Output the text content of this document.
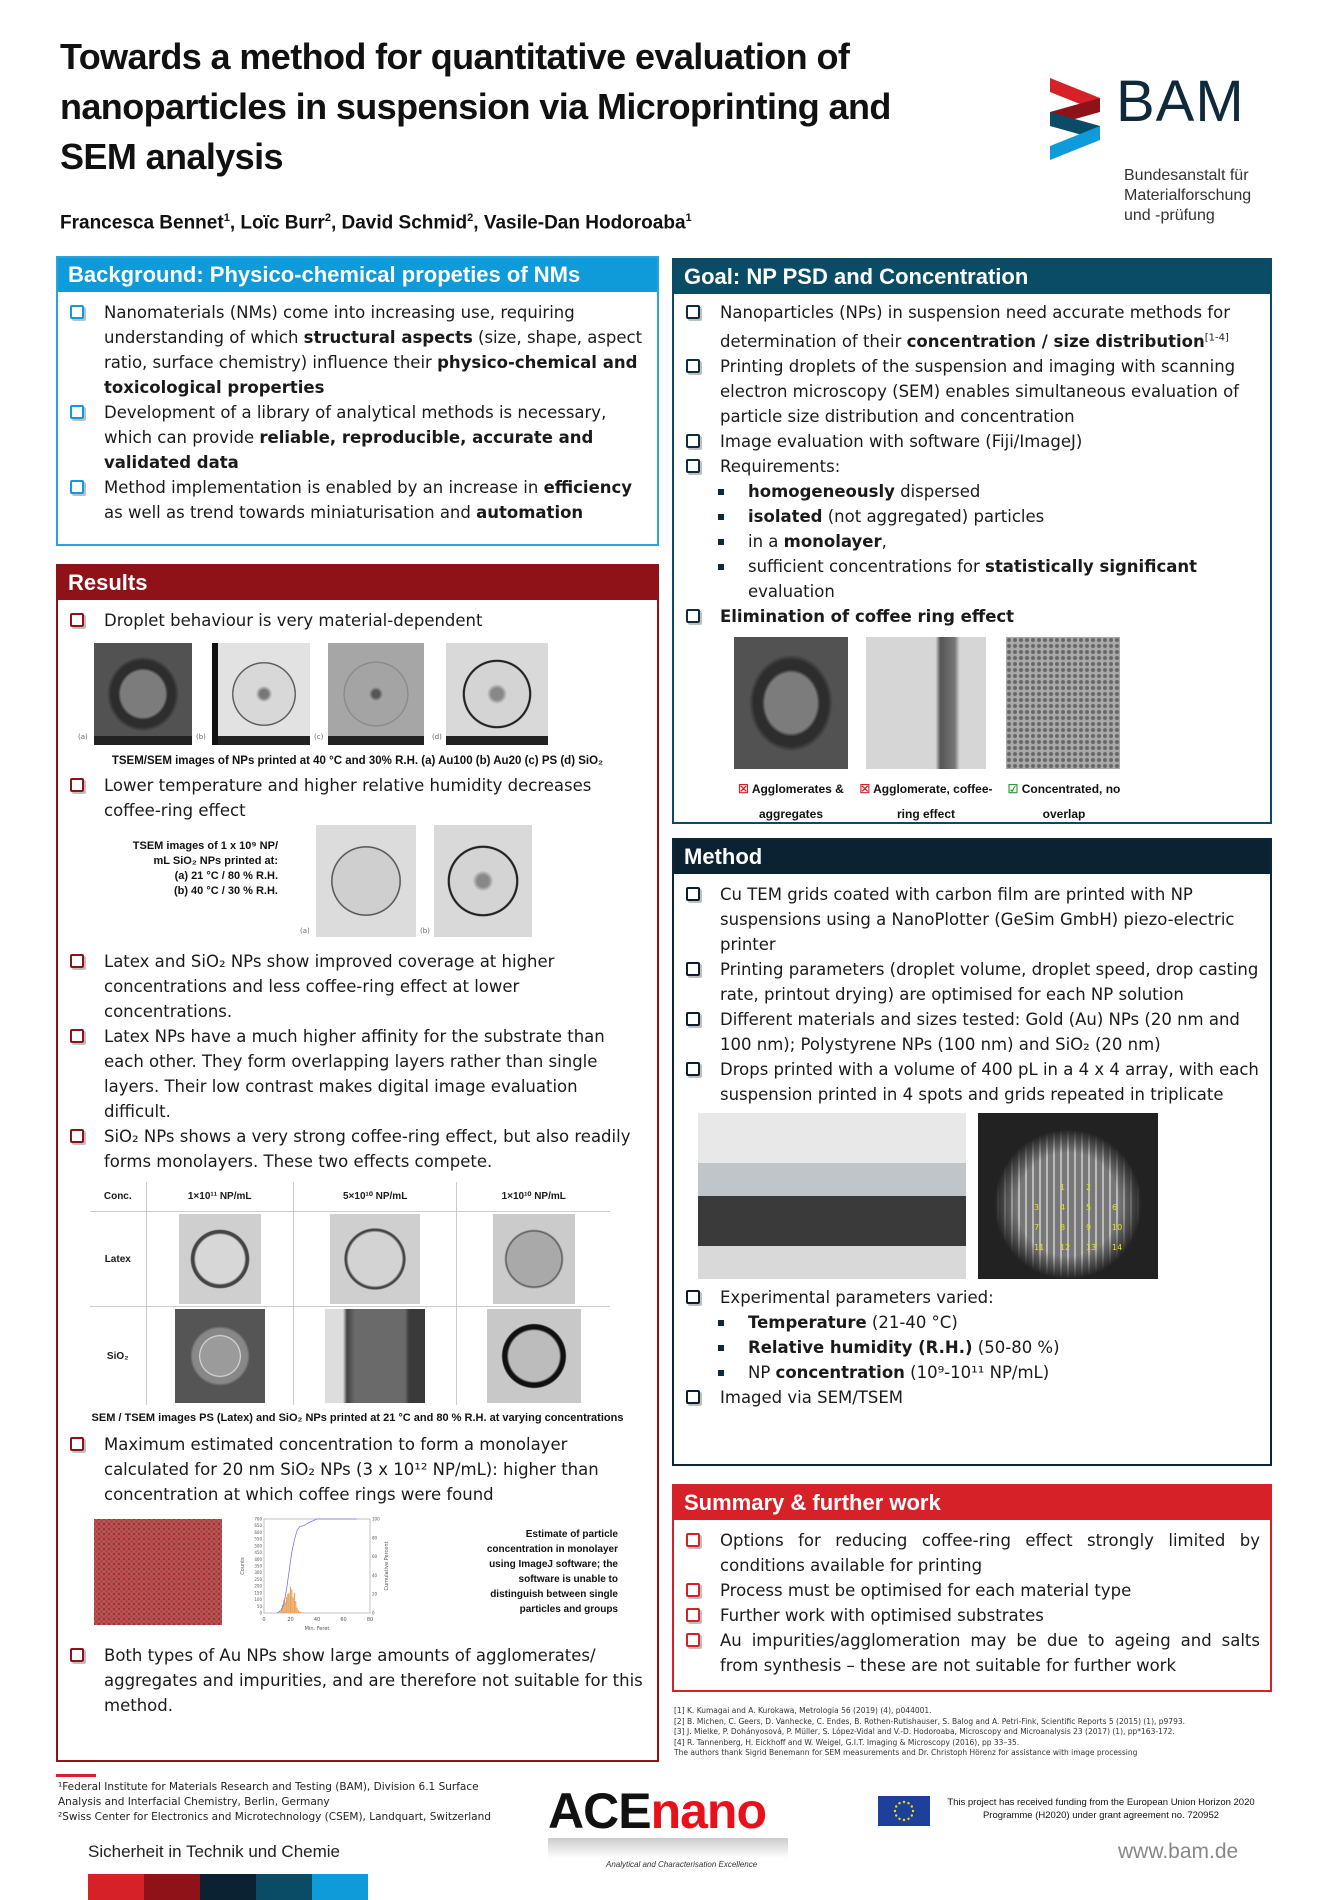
Towards a method for quantitative evaluation of nanoparticles in suspension via Microprinting and SEM analysis
Francesca Bennet$^1$, Loïc Burr$^2$, David Schmid$^2$, Vasile-Dan Hodoroaba$^1$
BAM
Bundesanstalt für
Materialforschung
und -prüfung
Background: Physico-chemical propeties of NMs
Nanomaterials (NMs) come into increasing use, requiring understanding of which structural aspects (size, shape, aspect ratio, surface chemistry) influence their physico-chemical and toxicological properties
Development of a library of analytical methods is necessary, which can provide reliable, reproducible, accurate and validated data
Method implementation is enabled by an increase in efficiency as well as trend towards miniaturisation and automation
Goal: NP PSD and Concentration
Nanoparticles (NPs) in suspension need accurate methods for determination of their concentration / size distribution[1-4]
Printing droplets of the suspension and imaging with scanning electron microscopy (SEM) enables simultaneous evaluation of particle size distribution and concentration
Image evaluation with software (Fiji/ImageJ)
Requirements:
homogeneously dispersed
isolated (not aggregated) particles
in a monolayer,
sufficient concentrations for statistically significant evaluation
Elimination of coffee ring effect
☒ Agglomerates & aggregates
☒ Agglomerate, coffee-ring effect
☑ Concentrated, no overlap
Results
Droplet behaviour is very material-dependent
(a)	(b)	(c)	(d)
TSEM/SEM images of NPs printed at 40 °C and 30% R.H. (a) Au100 (b) Au20 (c) PS (d) SiO₂
Lower temperature and higher relative humidity decreases coffee-ring effect
TSEM images of 1 x 10⁹ NP/
mL SiO₂ NPs printed at:
(a) 21 °C / 80 % R.H.
(b) 40 °C / 30 % R.H.
(a)	(b)
Latex and SiO₂ NPs show improved coverage at higher concentrations and less coffee-ring effect at lower concentrations.
Latex NPs have a much higher affinity for the substrate than each other. They form overlapping layers rather than single layers. Their low contrast makes digital image evaluation difficult.
SiO₂ NPs shows a very strong coffee-ring effect, but also readily forms monolayers. These two effects compete.
Conc.	1×10¹¹ NP/mL	5×10¹⁰ NP/mL	1×10¹⁰ NP/mL
Latex	

SiO₂	

SEM / TSEM images PS (Latex) and SiO₂ NPs printed at 21 °C and 80 % R.H. at varying concentrations
Maximum estimated concentration to form a monolayer calculated for 20 nm SiO₂ NPs (3 x 10¹² NP/mL): higher than concentration at which coffee rings were found
0	20	40	60	80
0
50
100
150
200
250
300
350
400
450
500
550
600
650
700
0
20
40
60
80
100
Min. Feret
Counts	Cumulative Percent
Estimate of particle
concentration in monolayer
using ImageJ software; the
software is unable to
distinguish between single
particles and groups
Both types of Au NPs show large amounts of agglomerates/ aggregates and impurities, and are therefore not suitable for this method.
Method
Cu TEM grids coated with carbon film are printed with NP suspensions using a NanoPlotter (GeSim GmbH) piezo-electric printer
Printing parameters (droplet volume, droplet speed, drop casting rate, printout drying) are optimised for each NP solution
Different materials and sizes tested: Gold (Au) NPs (20 nm and 100 nm); Polystyrene NPs (100 nm) and SiO₂ (20 nm)
Drops printed with a volume of 400 pL in a 4 x 4 array, with each suspension printed in 4 spots and grids repeated in triplicate
1	2
3	4	5	6
7	8	9	10
11 12 13 14
1
Experimental parameters varied:
Temperature (21-40 °C)
Relative humidity (R.H.) (50-80 %)
NP concentration (10⁹-10¹¹ NP/mL)
Imaged via SEM/TSEM
Summary & further work
Options for reducing coffee-ring effect strongly limited by conditions available for printing
Process must be optimised for each material type
Further work with optimised substrates
Au impurities/agglomeration may be due to ageing and salts from synthesis – these are not suitable for further work
[1] K. Kumagai and A. Kurokawa, Metrologia 56 (2019) (4), p044001.
[2] B. Michen, C. Geers, D. Vanhecke, C. Endes, B. Rothen-Rutishauser, S. Balog and A. Petri-Fink, Scientific Reports 5 (2015) (1), p9793.
[3] J. Mielke, P. Dohányosová, P. Müller, S. López-Vidal and V.-D. Hodoroaba, Microscopy and Microanalysis 23 (2017) (1), pp*163-172.
[4] R. Tannenberg, H. Eickhoff and W. Weigel, G.I.T. Imaging & Microscopy (2016), pp 33–35.
The authors thank Sigrid Benemann for SEM measurements and Dr. Christoph Hörenz for assistance with image processing
¹Federal Institute for Materials Research and Testing (BAM), Division 6.1 Surface Analysis and Interfacial Chemistry, Berlin, Germany
²Swiss Center for Electronics and Microtechnology (CSEM), Landquart, Switzerland
Sicherheit in Technik und Chemie
ACEnano
Analytical and Characterisation Excellence
This project has received funding from the European Union Horizon 2020 Programme (H2020) under grant agreement no. 720952
www.bam.de
